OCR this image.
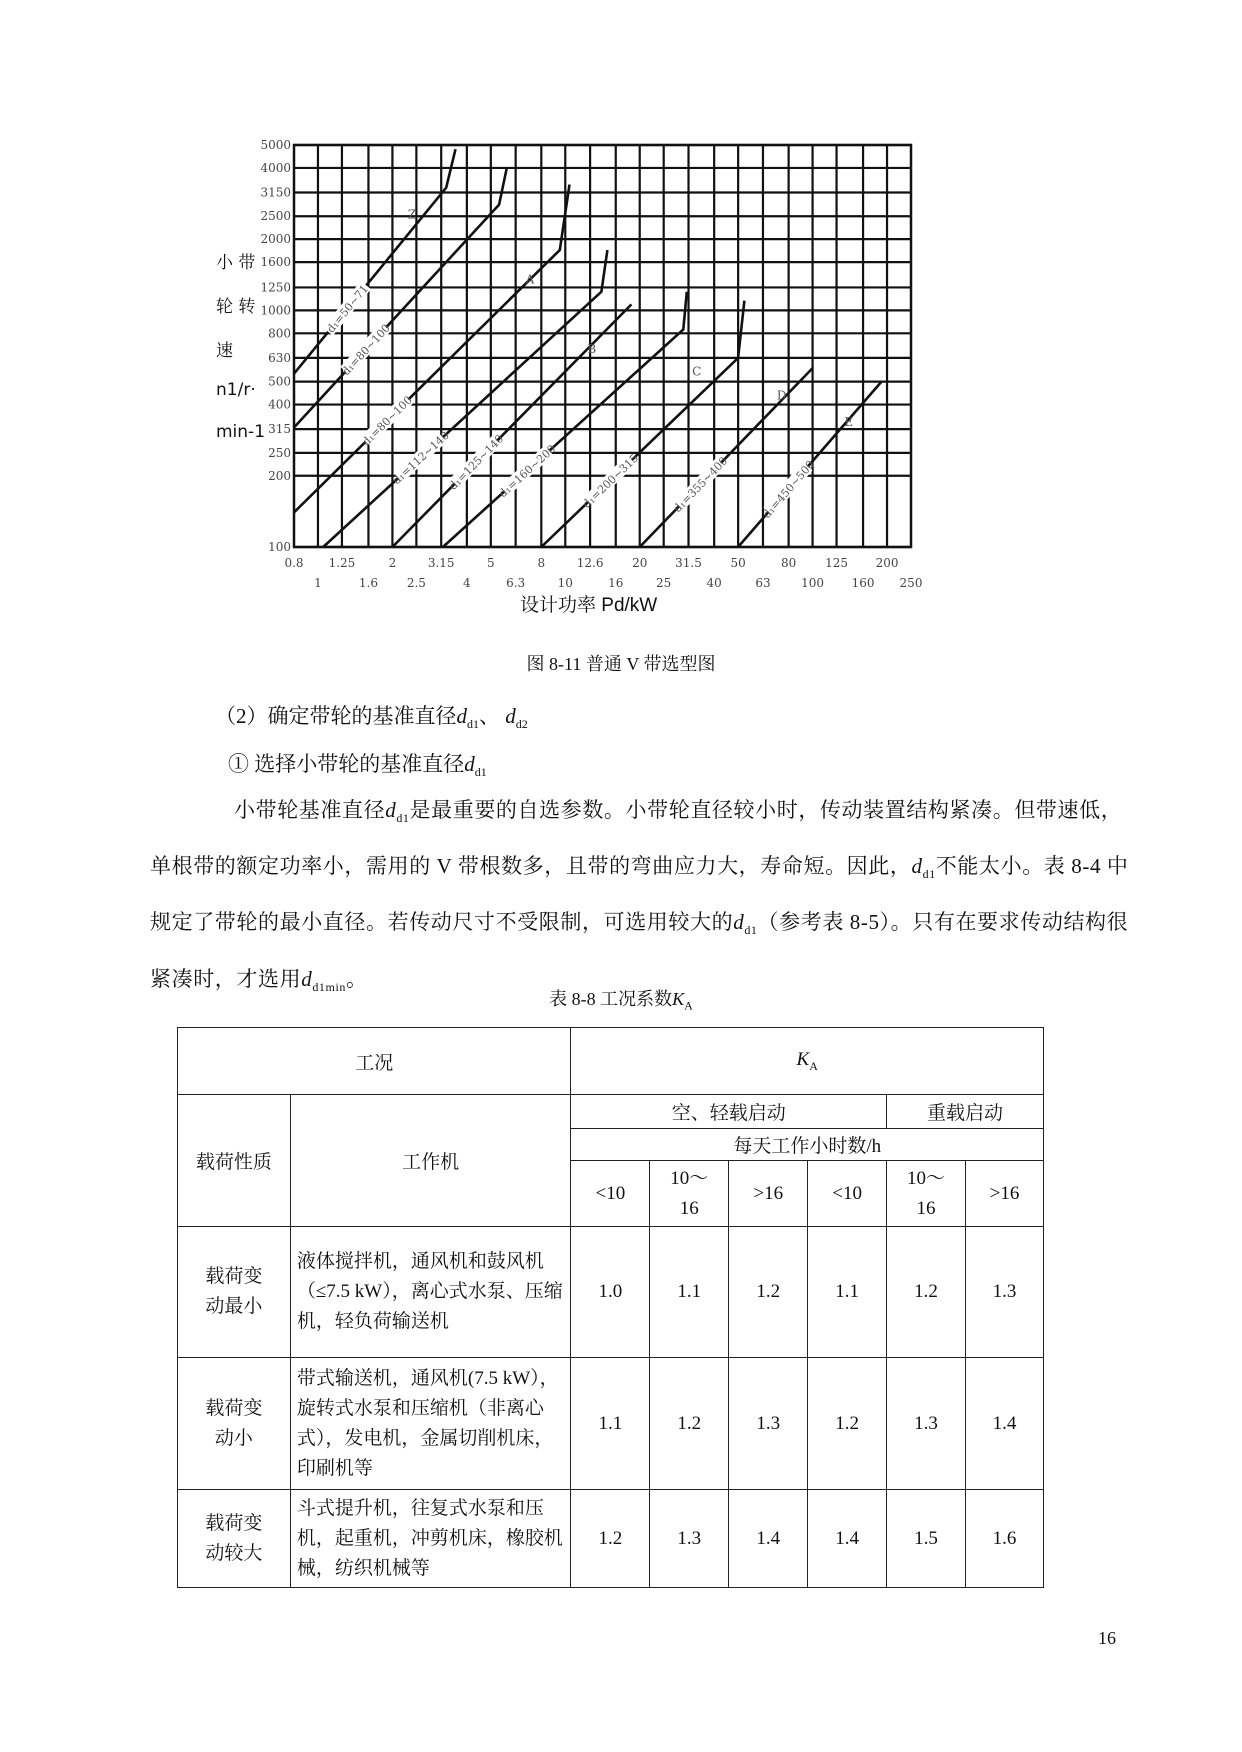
5000
4000
3150
2500
2000
1600
1250
1000
800
630
500
400
315
250
200
100
0.8 1.25	2	3.15	5	8	12.6 20 31.5 50	80 125 200
1	1.6 2.5	4	6.3	10	16	25	40	63	100 160 250
d₁=50~71
d₁=80~100
d₁=80~100
d₁=112~140
d₁=125~140
d₁=160~200 d₁=200~315	d₁=355~400	d₁=450~500
Z
A
B
C
D
E
小 带
轮 转
速
n1/r·
min-1
设计功率 Pd/kW
图 8-11 普通 V 带选型图
（2）确定带轮的基准直径$d_{d1}$、 $d_{d2}$
① 选择小带轮的基准直径$d_{d1}$
小带轮基准直径$d_{d1}$是最重要的自选参数。小带轮直径较小时，传动装置结构紧凑。但带速低，单根带的额定功率小，需用的 V 带根数多，且带的弯曲应力大，寿命短。因此，$d_{d1}$不能太小。表 8-4 中规定了带轮的最小直径。若传动尺寸不受限制，可选用较大的$d_{d1}$（参考表 8-5）。只有在要求传动结构很紧凑时，才选用$d_{d1min}$。
表 8-8 工况系数$K_A$
工况		$K_A$
载荷性质	工作机	空、轻载启动				重载启动	
		每天工作小时数/h					
		<10	10～16	>16	<10	10～16	>16
载荷变动最小	液体搅拌机，通风机和鼓风机（≤7.5 kW），离心式水泵、压缩机，轻负荷输送机	1.0	1.1	1.2	1.1	1.2	1.3
载荷变动小	带式输送机，通风机(7.5 kW），旋转式水泵和压缩机（非离心式），发电机，金属切削机床，印刷机等	1.1	1.2	1.3	1.2	1.3	1.4
载荷变动较大	斗式提升机，往复式水泵和压机，起重机，冲剪机床，橡胶机械，纺织机械等	1.2	1.3	1.4	1.4	1.5	1.6
16
